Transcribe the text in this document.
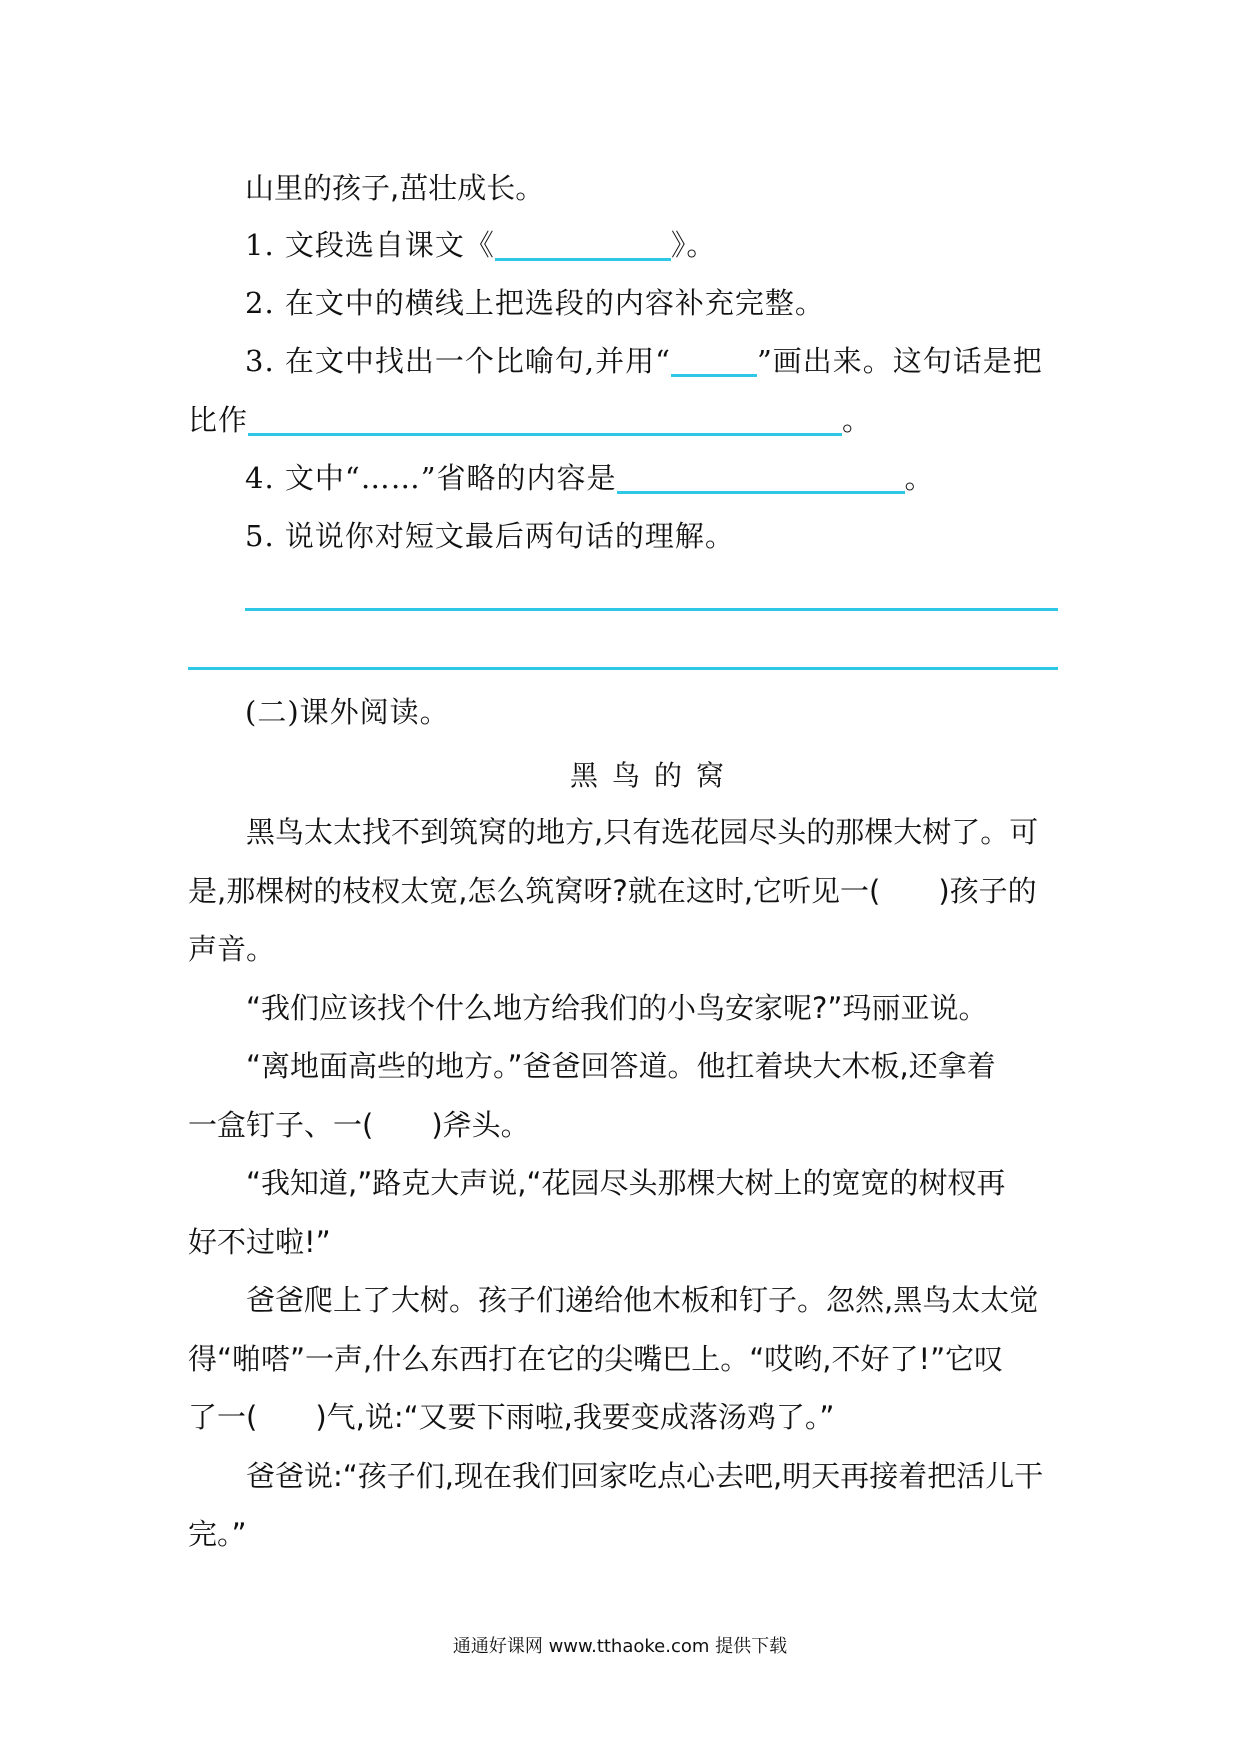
山里的孩子,茁壮成长。
1. 文段选自课文《	》。
2. 在文中的横线上把选段的内容补充完整。
3. 在文中找出一个比喻句,并用“	”画出来。这句话是把
比作	。
4. 文中“……”省略的内容是	。
5. 说说你对短文最后两句话的理解。
(二)课外阅读。
黑鸟的窝
　　黑鸟太太找不到筑窝的地方,只有选花园尽头的那棵大树了。可
是,那棵树的枝杈太宽,怎么筑窝呀?就在这时,它听见一(　　)孩子的
声音。
　　“我们应该找个什么地方给我们的小鸟安家呢?”玛丽亚说。
　　“离地面高些的地方。”爸爸回答道。他扛着块大木板,还拿着
一盒钉子、一(　　)斧头。
　　“我知道,”路克大声说,“花园尽头那棵大树上的宽宽的树杈再
好不过啦!”
　　爸爸爬上了大树。孩子们递给他木板和钉子。忽然,黑鸟太太觉
得“啪嗒”一声,什么东西打在它的尖嘴巴上。“哎哟,不好了!”它叹
了一(　　)气,说:“又要下雨啦,我要变成落汤鸡了。”
　　爸爸说:“孩子们,现在我们回家吃点心去吧,明天再接着把活儿干
完。”
通通好课网 www.tthaoke.com 提供下载
